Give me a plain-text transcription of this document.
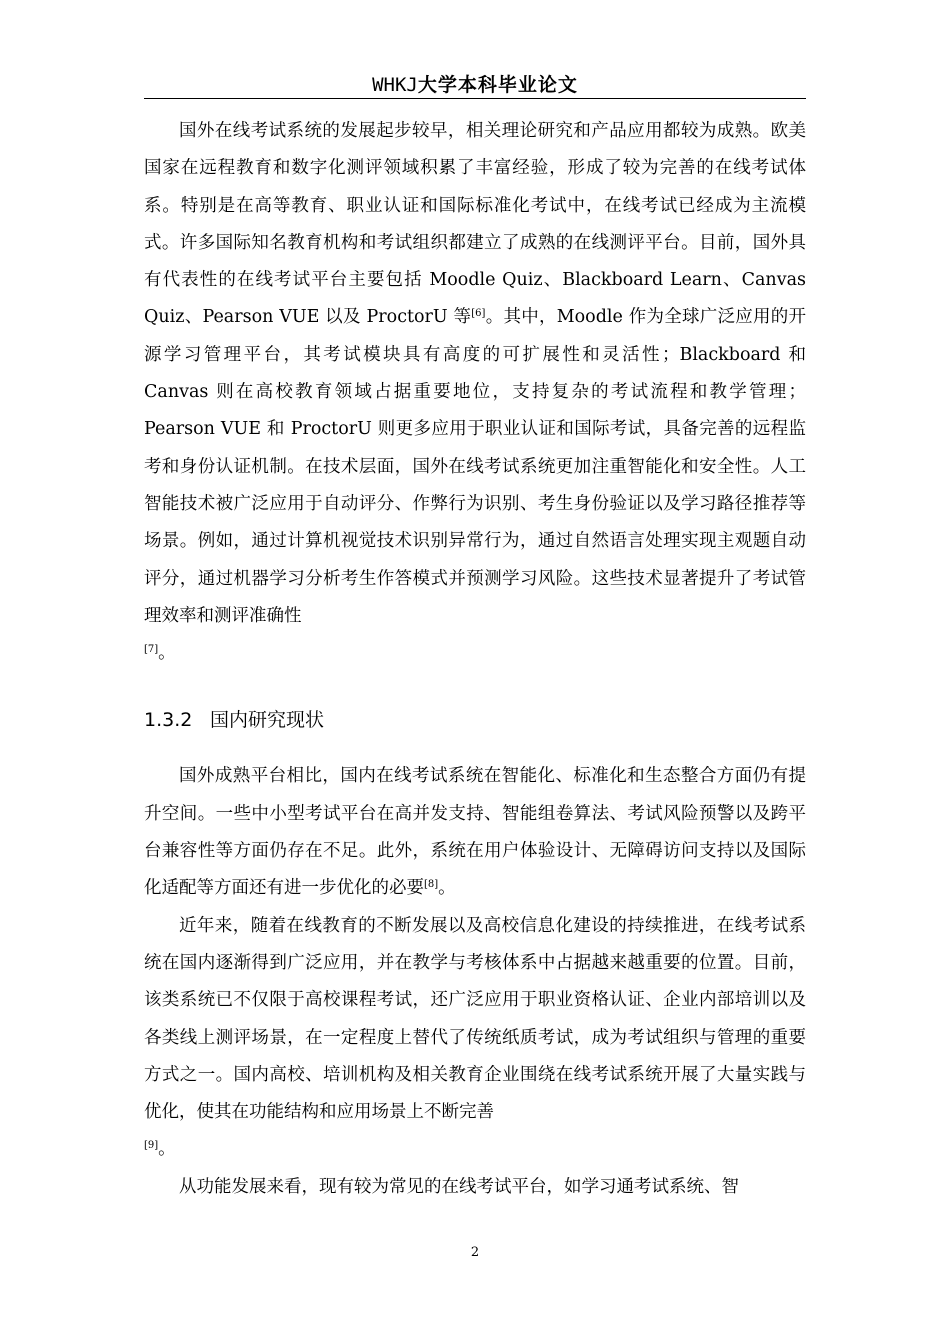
WHKJ大学本科毕业论文

国外在线考试系统的发展起步较早，相关理论研究和产品应用都较为成熟。欧美国家在远程教育和数字化测评领域积累了丰富经验，形成了较为完善的在线考试体系。特别是在高等教育、职业认证和国际标准化考试中，在线考试已经成为主流模式。许多国际知名教育机构和考试组织都建立了成熟的在线测评平台。目前，国外具有代表性的在线考试平台主要包括 Moodle Quiz、Blackboard Learn、Canvas Quiz、Pearson VUE 以及 ProctorU 等[6]。其中，Moodle 作为全球广泛应用的开源学习管理平台，其考试模块具有高度的可扩展性和灵活性；Blackboard 和 Canvas 则在高校教育领域占据重要地位，支持复杂的考试流程和教学管理；Pearson VUE 和 ProctorU 则更多应用于职业认证和国际考试，具备完善的远程监考和身份认证机制。在技术层面，国外在线考试系统更加注重智能化和安全性。人工智能技术被广泛应用于自动评分、作弊行为识别、考生身份验证以及学习路径推荐等场景。例如，通过计算机视觉技术识别异常行为，通过自然语言处理实现主观题自动评分，通过机器学习分析考生作答模式并预测学习风险。这些技术显著提升了考试管理效率和测评准确性
[7]。

1.3.2 国内研究现状

国外成熟平台相比，国内在线考试系统在智能化、标准化和生态整合方面仍有提升空间。一些中小型考试平台在高并发支持、智能组卷算法、考试风险预警以及跨平台兼容性等方面仍存在不足。此外，系统在用户体验设计、无障碍访问支持以及国际化适配等方面还有进一步优化的必要[8]。

近年来，随着在线教育的不断发展以及高校信息化建设的持续推进，在线考试系统在国内逐渐得到广泛应用，并在教学与考核体系中占据越来越重要的位置。目前，该类系统已不仅限于高校课程考试，还广泛应用于职业资格认证、企业内部培训以及各类线上测评场景，在一定程度上替代了传统纸质考试，成为考试组织与管理的重要方式之一。国内高校、培训机构及相关教育企业围绕在线考试系统开展了大量实践与优化，使其在功能结构和应用场景上不断完善
[9]。

从功能发展来看，现有较为常见的在线考试平台，如学习通考试系统、智

2
